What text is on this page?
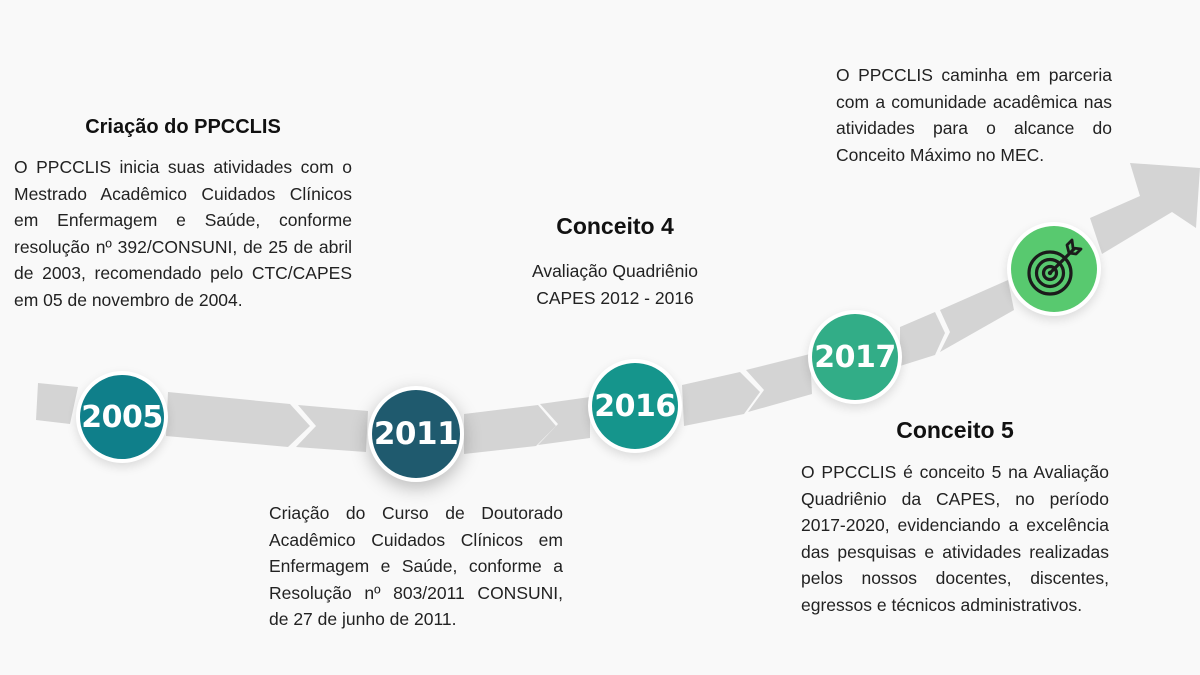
2005	2011
2016
2017
Criação do PPCCLIS

O PPCCLIS inicia suas atividades com o Mestrado Acadêmico Cuidados Clínicos em Enfermagem e Saúde, conforme resolução nº 392/CONSUNI, de 25 de abril de 2003, recomendado pelo CTC/CAPES em 05 de novembro de 2004.

Criação do Curso de Doutorado Acadêmico Cuidados Clínicos em Enfermagem e Saúde, conforme a Resolução nº 803/2011 CONSUNI, de 27 de junho de 2011.

Conceito 4

Avaliação Quadriênio CAPES 2012 - 2016

O PPCCLIS caminha em parceria com a comunidade acadêmica nas atividades para o alcance do Conceito Máximo no MEC.

Conceito 5

O PPCCLIS é conceito 5 na Avaliação Quadriênio da CAPES, no período 2017-2020, evidenciando a excelência das pesquisas e atividades realizadas pelos nossos docentes, discentes, egressos e técnicos administrativos.
